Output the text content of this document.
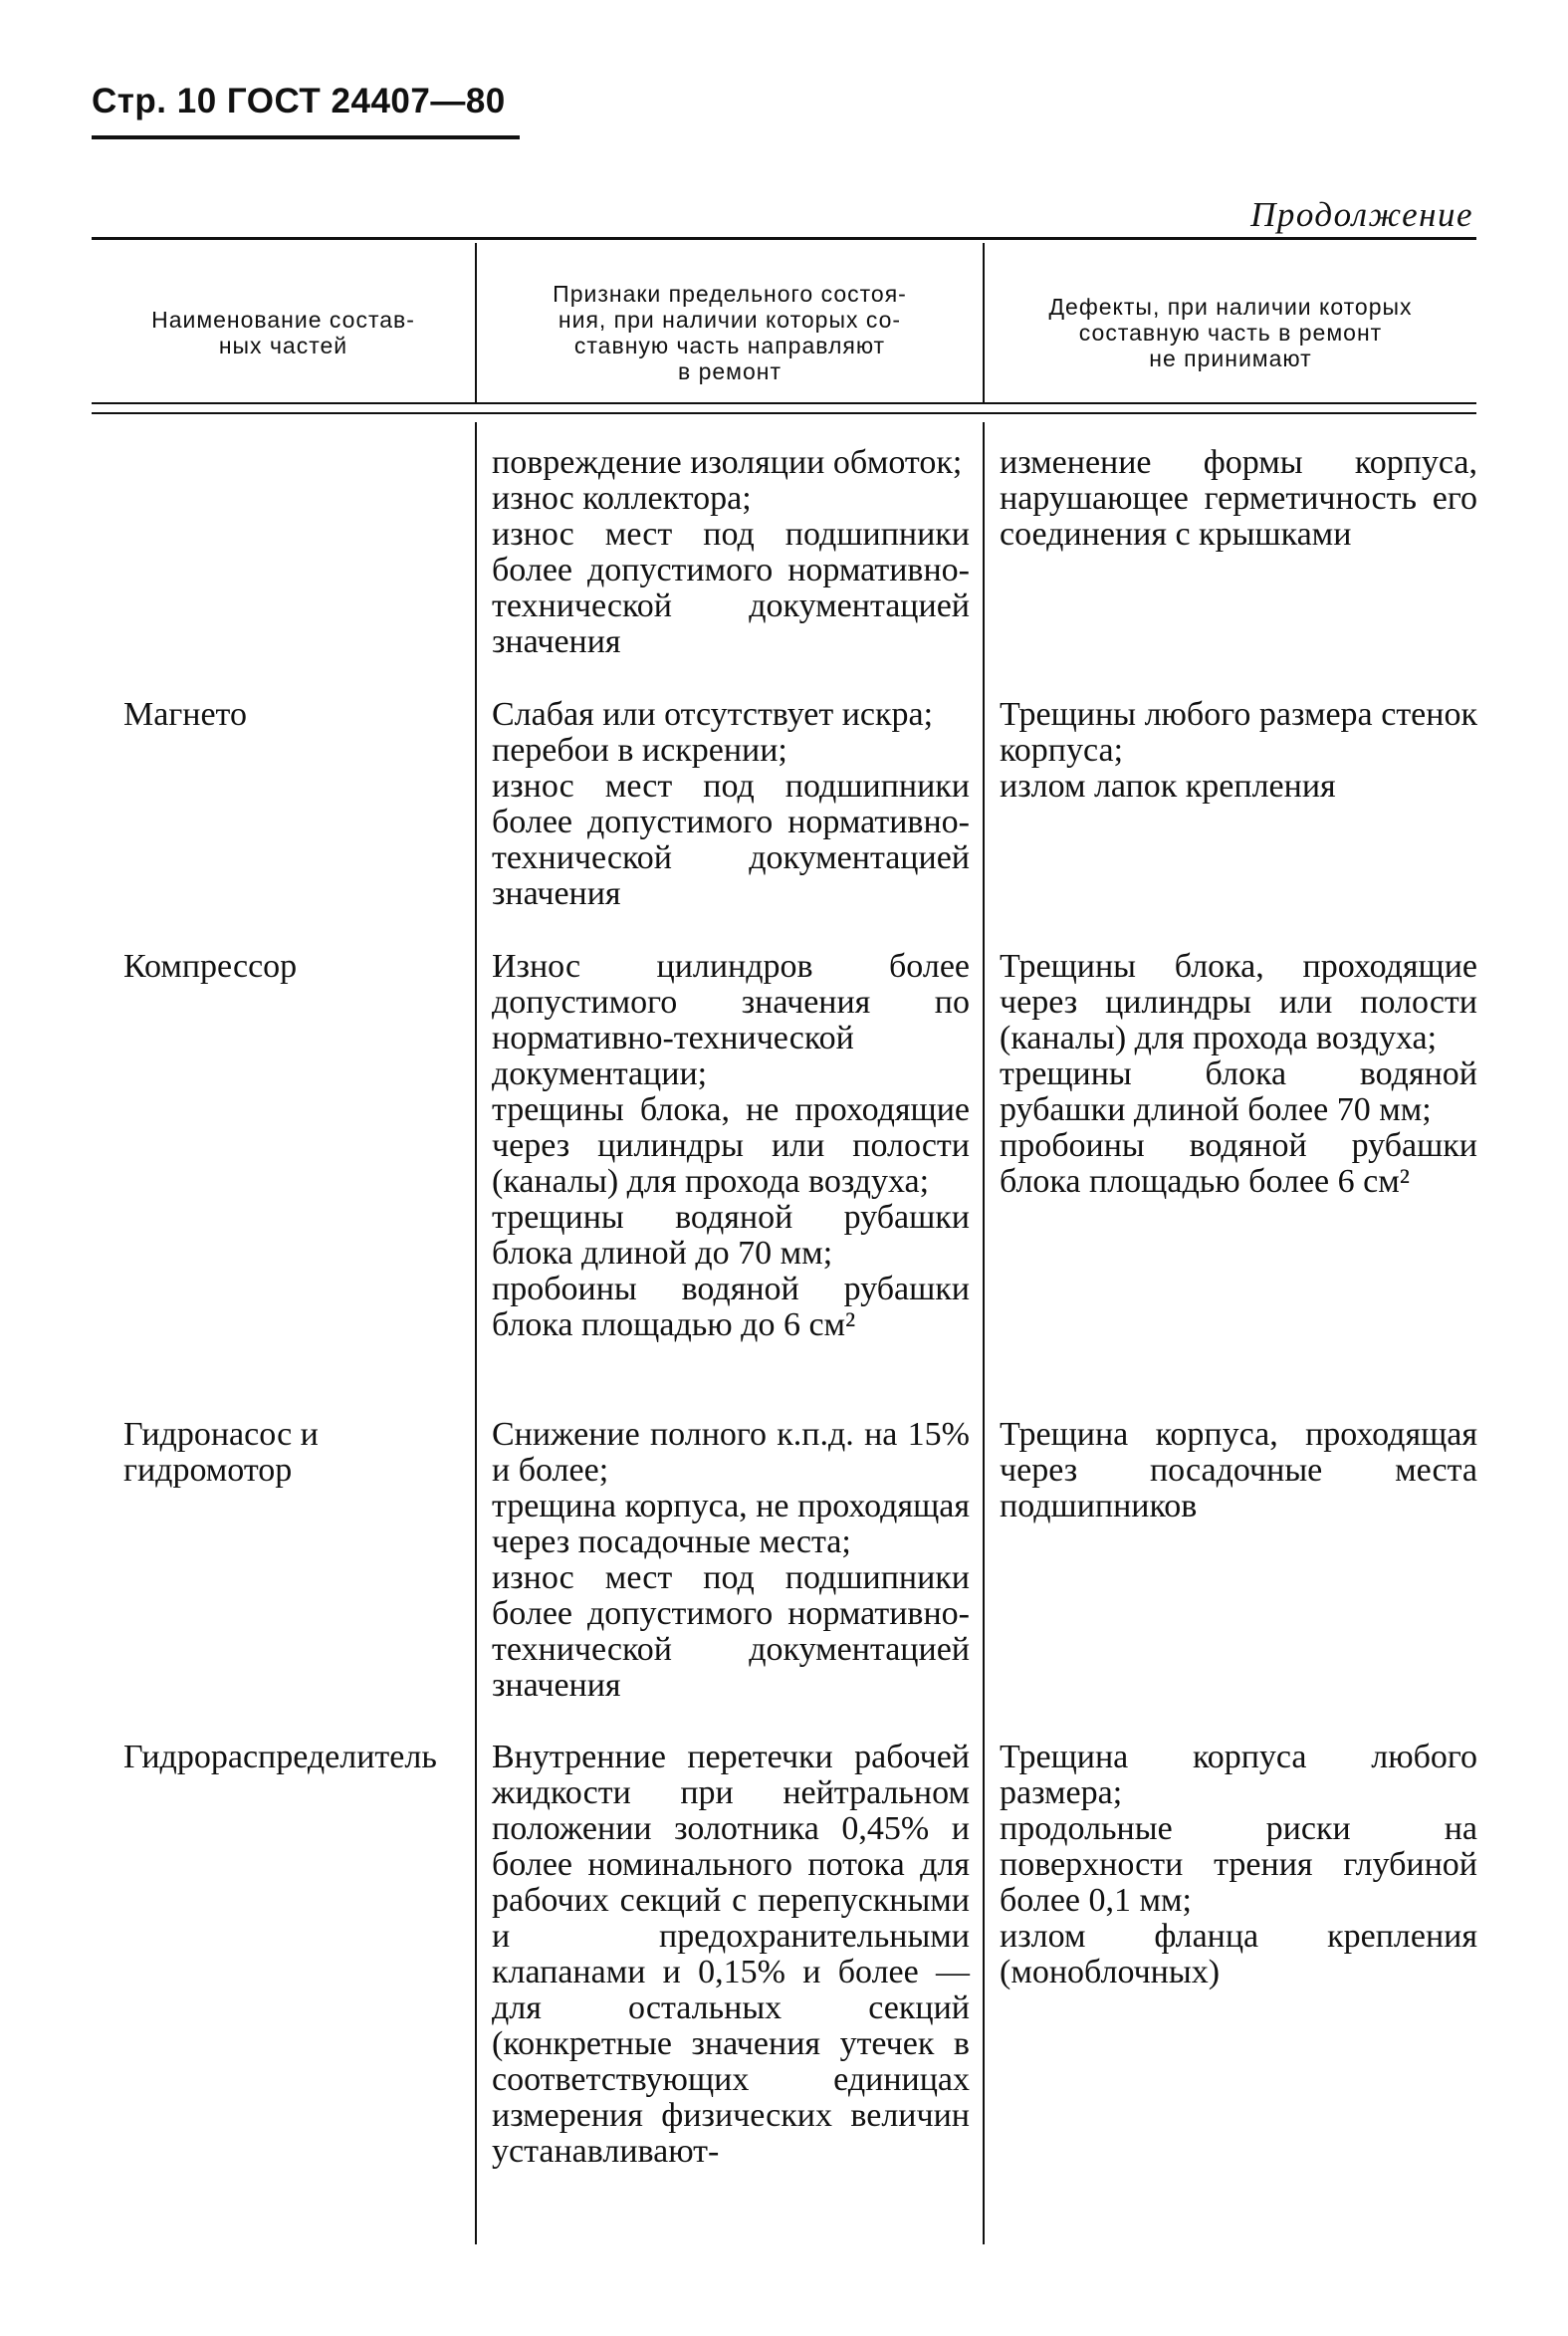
Стр. 10 ГОСТ 24407—80
Продолжение
Наименование состав-
ных частей
Признаки предельного состоя-
ния, при наличии которых со-
ставную часть направляют
в ремонт
Дефекты, при наличии которых
составную часть в ремонт
не принимают
повреждение изоляции обмоток;
износ коллектора;
износ мест под подшипники более допустимого нормативно-технической документацией значения
изменение формы корпуса, нарушающее герметичность его соединения с крышками
Магнето	Слабая или отсутствует искра;
перебои в искрении;
износ мест под подшипники более допустимого нормативно-технической документацией значения
Трещины любого размера стенок корпуса;
излом лапок крепления
Компрессор	Износ цилиндров более допустимого значения по нормативно-технической документации;
трещины блока, не проходящие через цилиндры или полости (каналы) для прохода воздуха;
трещины водяной рубашки блока длиной до 70 мм;
пробоины водяной рубашки блока площадью до 6 см²
Трещины блока, проходящие через цилиндры или полости (каналы) для прохода воздуха;
трещины блока водяной рубашки длиной более 70 мм;
пробоины водяной рубашки блока площадью более 6 см²
Гидронасос и гидромотор
Снижение полного к.п.д. на 15% и более;
трещина корпуса, не проходящая через посадочные места;
износ мест под подшипники более допустимого нормативно-технической документацией значения
Трещина корпуса, проходящая через посадочные места подшипников
Гидрораспределитель Внутренние перетечки рабочей жидкости при нейтральном положении золотника 0,45% и более номинального потока для рабочих секций с перепускными и предохранительными клапанами и 0,15% и более — для остальных секций (конкретные значения утечек в соответствующих единицах измерения физических величин устанавливают-
Трещина корпуса любого размера;
продольные риски на поверхности трения глубиной более 0,1 мм;
излом фланца крепления (моноблочных)
